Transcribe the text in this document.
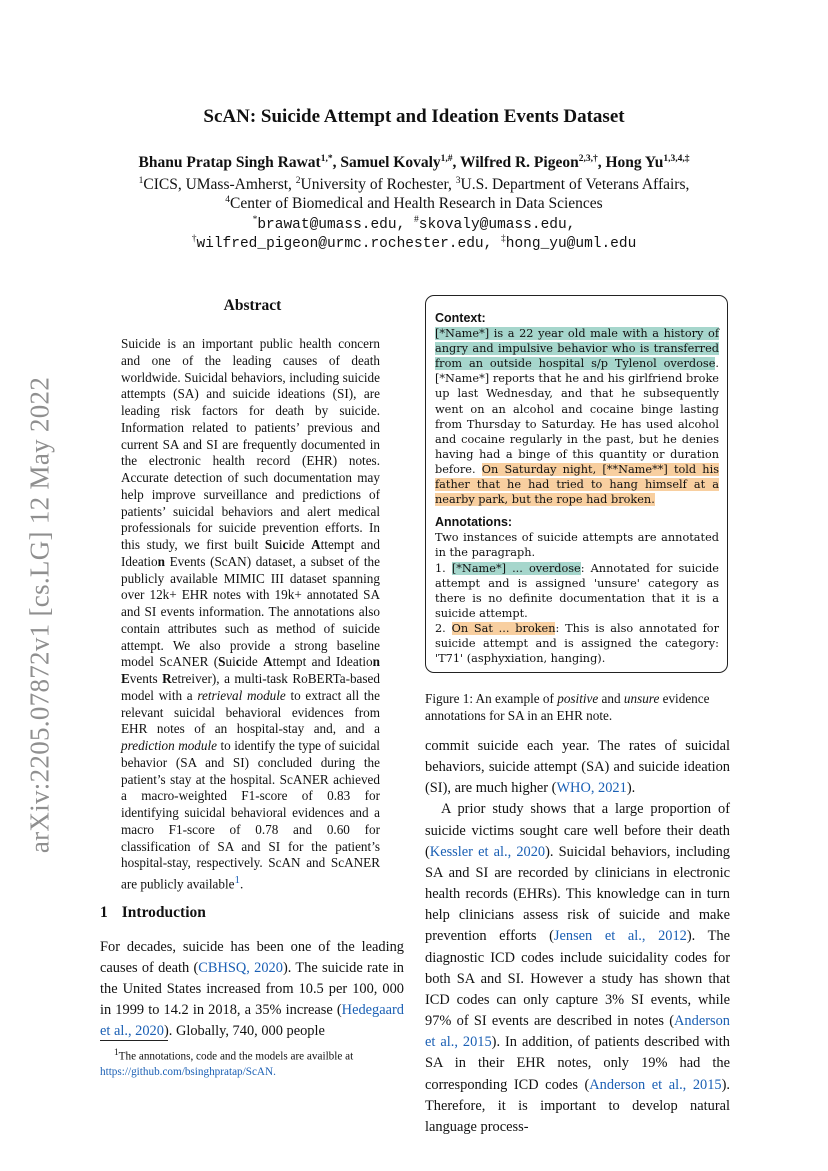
arXiv:2205.07872v1 [cs.LG] 12 May 2022
ScAN: Suicide Attempt and Ideation Events Dataset
Bhanu Pratap Singh Rawat$^{1,*}$, Samuel Kovaly$^{1,\#}$, Wilfred R. Pigeon$^{2,3,\dagger}$, Hong $Yu^{1,3,4,\ddagger}$
$^1$CICS, UMass-Amherst, $^2$University of Rochester, $^3$U.S. Department of Veterans Affairs,
$^4$Center of Biomedical and Health Research in Data Sciences
*brawat@umass.edu, #skovaly@umass.edu,
†wilfred_pigeon@urmc.rochester.edu, ‡hong_yu@uml.edu
Abstract
Suicide is an important public health concern and one of the leading causes of death worldwide. Suicidal behaviors, including suicide attempts (SA) and suicide ideations (SI), are leading risk factors for death by suicide. Information related to patients’ previous and current SA and SI are frequently documented in the electronic health record (EHR) notes. Accurate detection of such documentation may help improve surveillance and predictions of patients’ suicidal behaviors and alert medical professionals for suicide prevention efforts. In this study, we first built Suicide Attempt and Ideation Events (ScAN) dataset, a subset of the publicly available MIMIC III dataset spanning over 12k+ EHR notes with 19k+ annotated SA and SI events information. The annotations also contain attributes such as method of suicide attempt. We also provide a strong baseline model ScANER (Suicide Attempt and Ideation Events Retreiver), a multi-task RoBERTa-based model with a retrieval module to extract all the relevant suicidal behavioral evidences from EHR notes of an hospital-stay and, and a prediction module to identify the type of suicidal behavior (SA and SI) concluded during the patient’s stay at the hospital. ScANER achieved a macro-weighted F1-score of 0.83 for identifying suicidal behavioral evidences and a macro F1-score of 0.78 and 0.60 for classification of SA and SI for the patient’s hospital-stay, respectively. ScAN and ScANER are publicly available$^1$.
1 Introduction
For decades, suicide has been one of the leading causes of death (CBHSQ, 2020). The suicide rate in the United States increased from 10.5 per 100, 000 in 1999 to 14.2 in 2018, a 35% increase (Hedegaard et al., 2020). Globally, 740, 000 people
$^1$The annotations, code and the models are availble at
https://github.com/bsinghpratap/ScAN.
Context:
[*Name*] is a 22 year old male with a history of angry and impulsive behavior who is transferred from an outside hospital s/p Tylenol overdose. [*Name*] reports that he and his girlfriend broke up last Wednesday, and that he subsequently went on an alcohol and cocaine binge lasting from Thursday to Saturday. He has used alcohol and cocaine regularly in the past, but he denies having had a binge of this quantity or duration before. On Saturday night, [**Name**] told his father that he had tried to hang himself at a nearby park, but the rope had broken.
Annotations:
Two instances of suicide attempts are annotated in the paragraph.
1. [*Name*] ... overdose: Annotated for suicide attempt and is assigned 'unsure' category as there is no definite documentation that it is a suicide attempt.
2. On Sat ... broken: This is also annotated for suicide attempt and is assigned the category: 'T71' (asphyxiation, hanging).
Figure 1: An example of positive and unsure evidence annotations for SA in an EHR note.
commit suicide each year. The rates of suicidal behaviors, suicide attempt (SA) and suicide ideation (SI), are much higher (WHO, 2021).
A prior study shows that a large proportion of suicide victims sought care well before their death (Kessler et al., 2020). Suicidal behaviors, including SA and SI are recorded by clinicians in electronic health records (EHRs). This knowledge can in turn help clinicians assess risk of suicide and make prevention efforts (Jensen et al., 2012). The diagnostic ICD codes include suicidality codes for both SA and SI. However a study has shown that ICD codes can only capture 3% SI events, while 97% of SI events are described in notes (Anderson et al., 2015). In addition, of patients described with SA in their EHR notes, only 19% had the corresponding ICD codes (Anderson et al., 2015). Therefore, it is important to develop natural language process-
